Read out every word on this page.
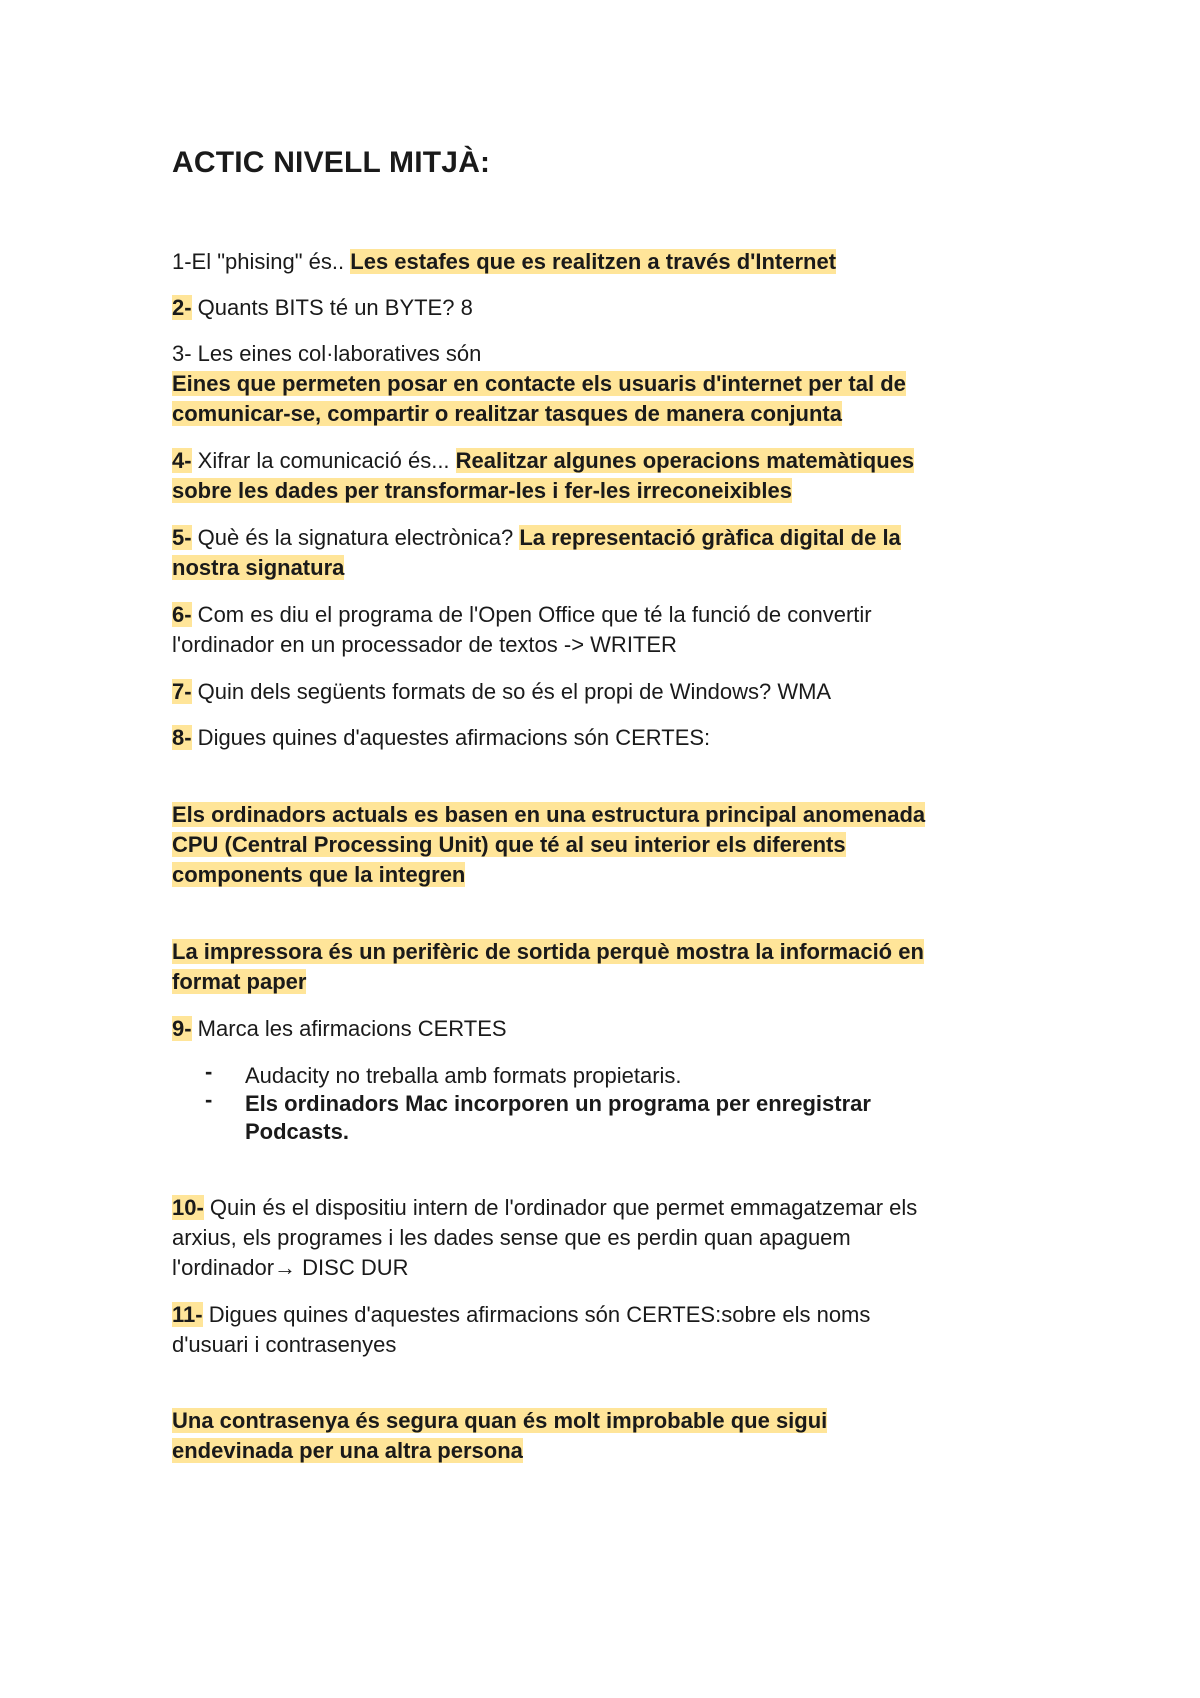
ACTIC NIVELL MITJÀ:
1-El "phising" és.. Les estafes que es realitzen a través d'Internet
2- Quants BITS té un BYTE? 8
3- Les eines col·laboratives són
Eines que permeten posar en contacte els usuaris d'internet per tal de
comunicar-se, compartir o realitzar tasques de manera conjunta
4- Xifrar la comunicació és... Realitzar algunes operacions matemàtiques
sobre les dades per transformar-les i fer-les irreconeixibles
5- Què és la signatura electrònica? La representació gràfica digital de la
nostra signatura
6- Com es diu el programa de l'Open Office que té la funció de convertir
l'ordinador en un processador de textos -> WRITER
7- Quin dels següents formats de so és el propi de Windows? WMA
8- Digues quines d'aquestes afirmacions són CERTES:
Els ordinadors actuals es basen en una estructura principal anomenada
CPU (Central Processing Unit) que té al seu interior els diferents
components que la integren
La impressora és un perifèric de sortida perquè mostra la informació en
format paper
9- Marca les afirmacions CERTES
- Audacity no treballa amb formats propietaris.
- Els ordinadors Mac incorporen un programa per enregistrar
Podcasts.
10- Quin és el dispositiu intern de l'ordinador que permet emmagatzemar els
arxius, els programes i les dades sense que es perdin quan apaguem
l'ordinador→ DISC DUR
11- Digues quines d'aquestes afirmacions són CERTES:sobre els noms
d'usuari i contrasenyes
Una contrasenya és segura quan és molt improbable que sigui
endevinada per una altra persona
